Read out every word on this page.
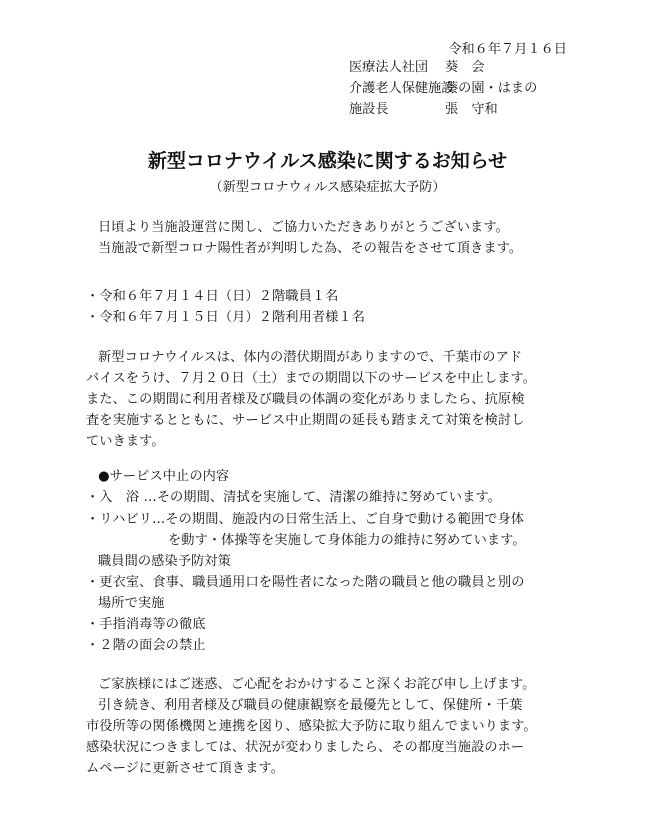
令和６年７月１６日
医療法人社団 葵　会
介護老人保健施設葵の園・はまの
施設長	張　守和
新型コロナウイルス感染に関するお知らせ
（新型コロナウィルス感染症拡大予防）
日頃より当施設運営に関し、ご協力いただきありがとうございます。
当施設で新型コロナ陽性者が判明した為、その報告をさせて頂きます。
・令和６年７月１４日（日）２階職員１名
・令和６年７月１５日（月）２階利用者様１名
新型コロナウイルスは、体内の潜伏期間がありますので、千葉市のアド
バイスをうけ、７月２０日（土）までの期間以下のサービスを中止します。
また、この期間に利用者様及び職員の体調の変化がありましたら、抗原検
査を実施するとともに、サービス中止期間の延長も踏まえて対策を検討し
ていきます。
●サービス中止の内容
・入　浴 …その期間、清拭を実施して、清潔の維持に努めています。
・リハビリ…その期間、施設内の日常生活上、ご自身で動ける範囲で身体
を動す・体操等を実施して身体能力の維持に努めています。
職員間の感染予防対策
・更衣室、食事、職員通用口を陽性者になった階の職員と他の職員と別の
場所で実施
・手指消毒等の徹底
・２階の面会の禁止
ご家族様にはご迷惑、ご心配をおかけすること深くお詫び申し上げます。
引き続き、利用者様及び職員の健康観察を最優先として、保健所・千葉
市役所等の関係機関と連携を図り、感染拡大予防に取り組んでまいります。
感染状況につきましては、状況が変わりましたら、その都度当施設のホー
ムページに更新させて頂きます。
